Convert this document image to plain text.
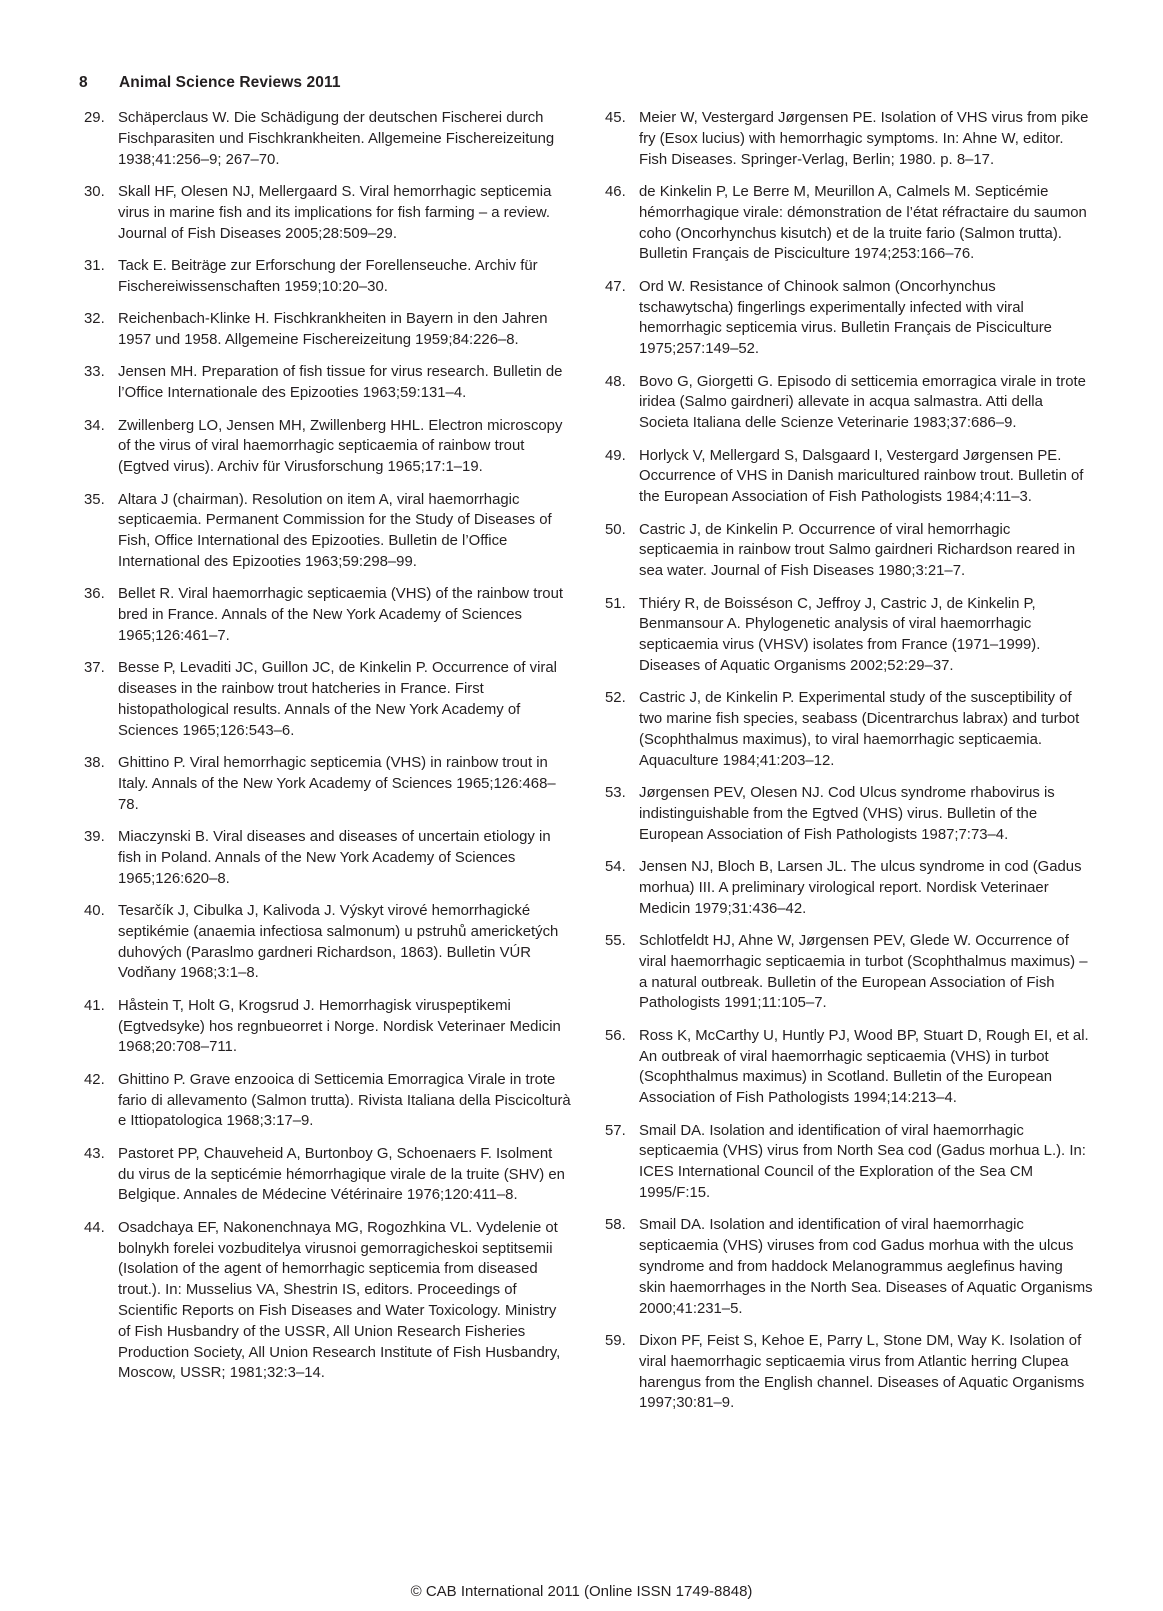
8 Animal Science Reviews 2011
29. Schäperclaus W. Die Schädigung der deutschen Fischerei durch Fischparasiten und Fischkrankheiten. Allgemeine Fischereizeitung 1938;41:256–9; 267–70.
30. Skall HF, Olesen NJ, Mellergaard S. Viral hemorrhagic septicemia virus in marine fish and its implications for fish farming – a review. Journal of Fish Diseases 2005;28:509–29.
31. Tack E. Beiträge zur Erforschung der Forellenseuche. Archiv für Fischereiwissenschaften 1959;10:20–30.
32. Reichenbach-Klinke H. Fischkrankheiten in Bayern in den Jahren 1957 und 1958. Allgemeine Fischereizeitung 1959;84:226–8.
33. Jensen MH. Preparation of fish tissue for virus research. Bulletin de l’Office Internationale des Epizooties 1963;59:131–4.
34. Zwillenberg LO, Jensen MH, Zwillenberg HHL. Electron microscopy of the virus of viral haemorrhagic septicaemia of rainbow trout (Egtved virus). Archiv für Virusforschung 1965;17:1–19.
35. Altara J (chairman). Resolution on item A, viral haemorrhagic septicaemia. Permanent Commission for the Study of Diseases of Fish, Office International des Epizooties. Bulletin de l’Office International des Epizooties 1963;59:298–99.
36. Bellet R. Viral haemorrhagic septicaemia (VHS) of the rainbow trout bred in France. Annals of the New York Academy of Sciences 1965;126:461–7.
37. Besse P, Levaditi JC, Guillon JC, de Kinkelin P. Occurrence of viral diseases in the rainbow trout hatcheries in France. First histopathological results. Annals of the New York Academy of Sciences 1965;126:543–6.
38. Ghittino P. Viral hemorrhagic septicemia (VHS) in rainbow trout in Italy. Annals of the New York Academy of Sciences 1965;126:468–78.
39. Miaczynski B. Viral diseases and diseases of uncertain etiology in fish in Poland. Annals of the New York Academy of Sciences 1965;126:620–8.
40. Tesarčík J, Cibulka J, Kalivoda J. Výskyt virové hemorrhagické septikémie (anaemia infectiosa salmonum) u pstruhů americketých duhových (Paraslmo gardneri Richardson, 1863). Bulletin VÚR Vodňany 1968;3:1–8.
41. Håstein T, Holt G, Krogsrud J. Hemorrhagisk viruspeptikemi (Egtvedsyke) hos regnbueorret i Norge. Nordisk Veterinaer Medicin 1968;20:708–711.
42. Ghittino P. Grave enzooica di Setticemia Emorragica Virale in trote fario di allevamento (Salmon trutta). Rivista Italiana della Piscicolturà e Ittiopatologica 1968;3:17–9.
43. Pastoret PP, Chauveheid A, Burtonboy G, Schoenaers F. Isolment du virus de la septicémie hémorrhagique virale de la truite (SHV) en Belgique. Annales de Médecine Vétérinaire 1976;120:411–8.
44. Osadchaya EF, Nakonenchnaya MG, Rogozhkina VL. Vydelenie ot bolnykh forelei vozbuditelya virusnoi gemorragicheskoi septitsemii (Isolation of the agent of hemorrhagic septicemia from diseased trout.). In: Musselius VA, Shestrin IS, editors. Proceedings of Scientific Reports on Fish Diseases and Water Toxicology. Ministry of Fish Husbandry of the USSR, All Union Research Fisheries Production Society, All Union Research Institute of Fish Husbandry, Moscow, USSR; 1981;32:3–14.
45. Meier W, Vestergard Jørgensen PE. Isolation of VHS virus from pike fry (Esox lucius) with hemorrhagic symptoms. In: Ahne W, editor. Fish Diseases. Springer-Verlag, Berlin; 1980. p. 8–17.
46. de Kinkelin P, Le Berre M, Meurillon A, Calmels M. Septicémie hémorrhagique virale: démonstration de l’état réfractaire du saumon coho (Oncorhynchus kisutch) et de la truite fario (Salmon trutta). Bulletin Français de Pisciculture 1974;253:166–76.
47. Ord W. Resistance of Chinook salmon (Oncorhynchus tschawytscha) fingerlings experimentally infected with viral hemorrhagic septicemia virus. Bulletin Français de Pisciculture 1975;257:149–52.
48. Bovo G, Giorgetti G. Episodo di setticemia emorragica virale in trote iridea (Salmo gairdneri) allevate in acqua salmastra. Atti della Societa Italiana delle Scienze Veterinarie 1983;37:686–9.
49. Horlyck V, Mellergard S, Dalsgaard I, Vestergard Jørgensen PE. Occurrence of VHS in Danish maricultured rainbow trout. Bulletin of the European Association of Fish Pathologists 1984;4:11–3.
50. Castric J, de Kinkelin P. Occurrence of viral hemorrhagic septicaemia in rainbow trout Salmo gairdneri Richardson reared in sea water. Journal of Fish Diseases 1980;3:21–7.
51. Thiéry R, de Boisséson C, Jeffroy J, Castric J, de Kinkelin P, Benmansour A. Phylogenetic analysis of viral haemorrhagic septicaemia virus (VHSV) isolates from France (1971–1999). Diseases of Aquatic Organisms 2002;52:29–37.
52. Castric J, de Kinkelin P. Experimental study of the susceptibility of two marine fish species, seabass (Dicentrarchus labrax) and turbot (Scophthalmus maximus), to viral haemorrhagic septicaemia. Aquaculture 1984;41:203–12.
53. Jørgensen PEV, Olesen NJ. Cod Ulcus syndrome rhabovirus is indistinguishable from the Egtved (VHS) virus. Bulletin of the European Association of Fish Pathologists 1987;7:73–4.
54. Jensen NJ, Bloch B, Larsen JL. The ulcus syndrome in cod (Gadus morhua) III. A preliminary virological report. Nordisk Veterinaer Medicin 1979;31:436–42.
55. Schlotfeldt HJ, Ahne W, Jørgensen PEV, Glede W. Occurrence of viral haemorrhagic septicaemia in turbot (Scophthalmus maximus) – a natural outbreak. Bulletin of the European Association of Fish Pathologists 1991;11:105–7.
56. Ross K, McCarthy U, Huntly PJ, Wood BP, Stuart D, Rough EI, et al. An outbreak of viral haemorrhagic septicaemia (VHS) in turbot (Scophthalmus maximus) in Scotland. Bulletin of the European Association of Fish Pathologists 1994;14:213–4.
57. Smail DA. Isolation and identification of viral haemorrhagic septicaemia (VHS) virus from North Sea cod (Gadus morhua L.). In: ICES International Council of the Exploration of the Sea CM 1995/F:15.
58. Smail DA. Isolation and identification of viral haemorrhagic septicaemia (VHS) viruses from cod Gadus morhua with the ulcus syndrome and from haddock Melanogrammus aeglefinus having skin haemorrhages in the North Sea. Diseases of Aquatic Organisms 2000;41:231–5.
59. Dixon PF, Feist S, Kehoe E, Parry L, Stone DM, Way K. Isolation of viral haemorrhagic septicaemia virus from Atlantic herring Clupea harengus from the English channel. Diseases of Aquatic Organisms 1997;30:81–9.
© CAB International 2011 (Online ISSN 1749-8848)
